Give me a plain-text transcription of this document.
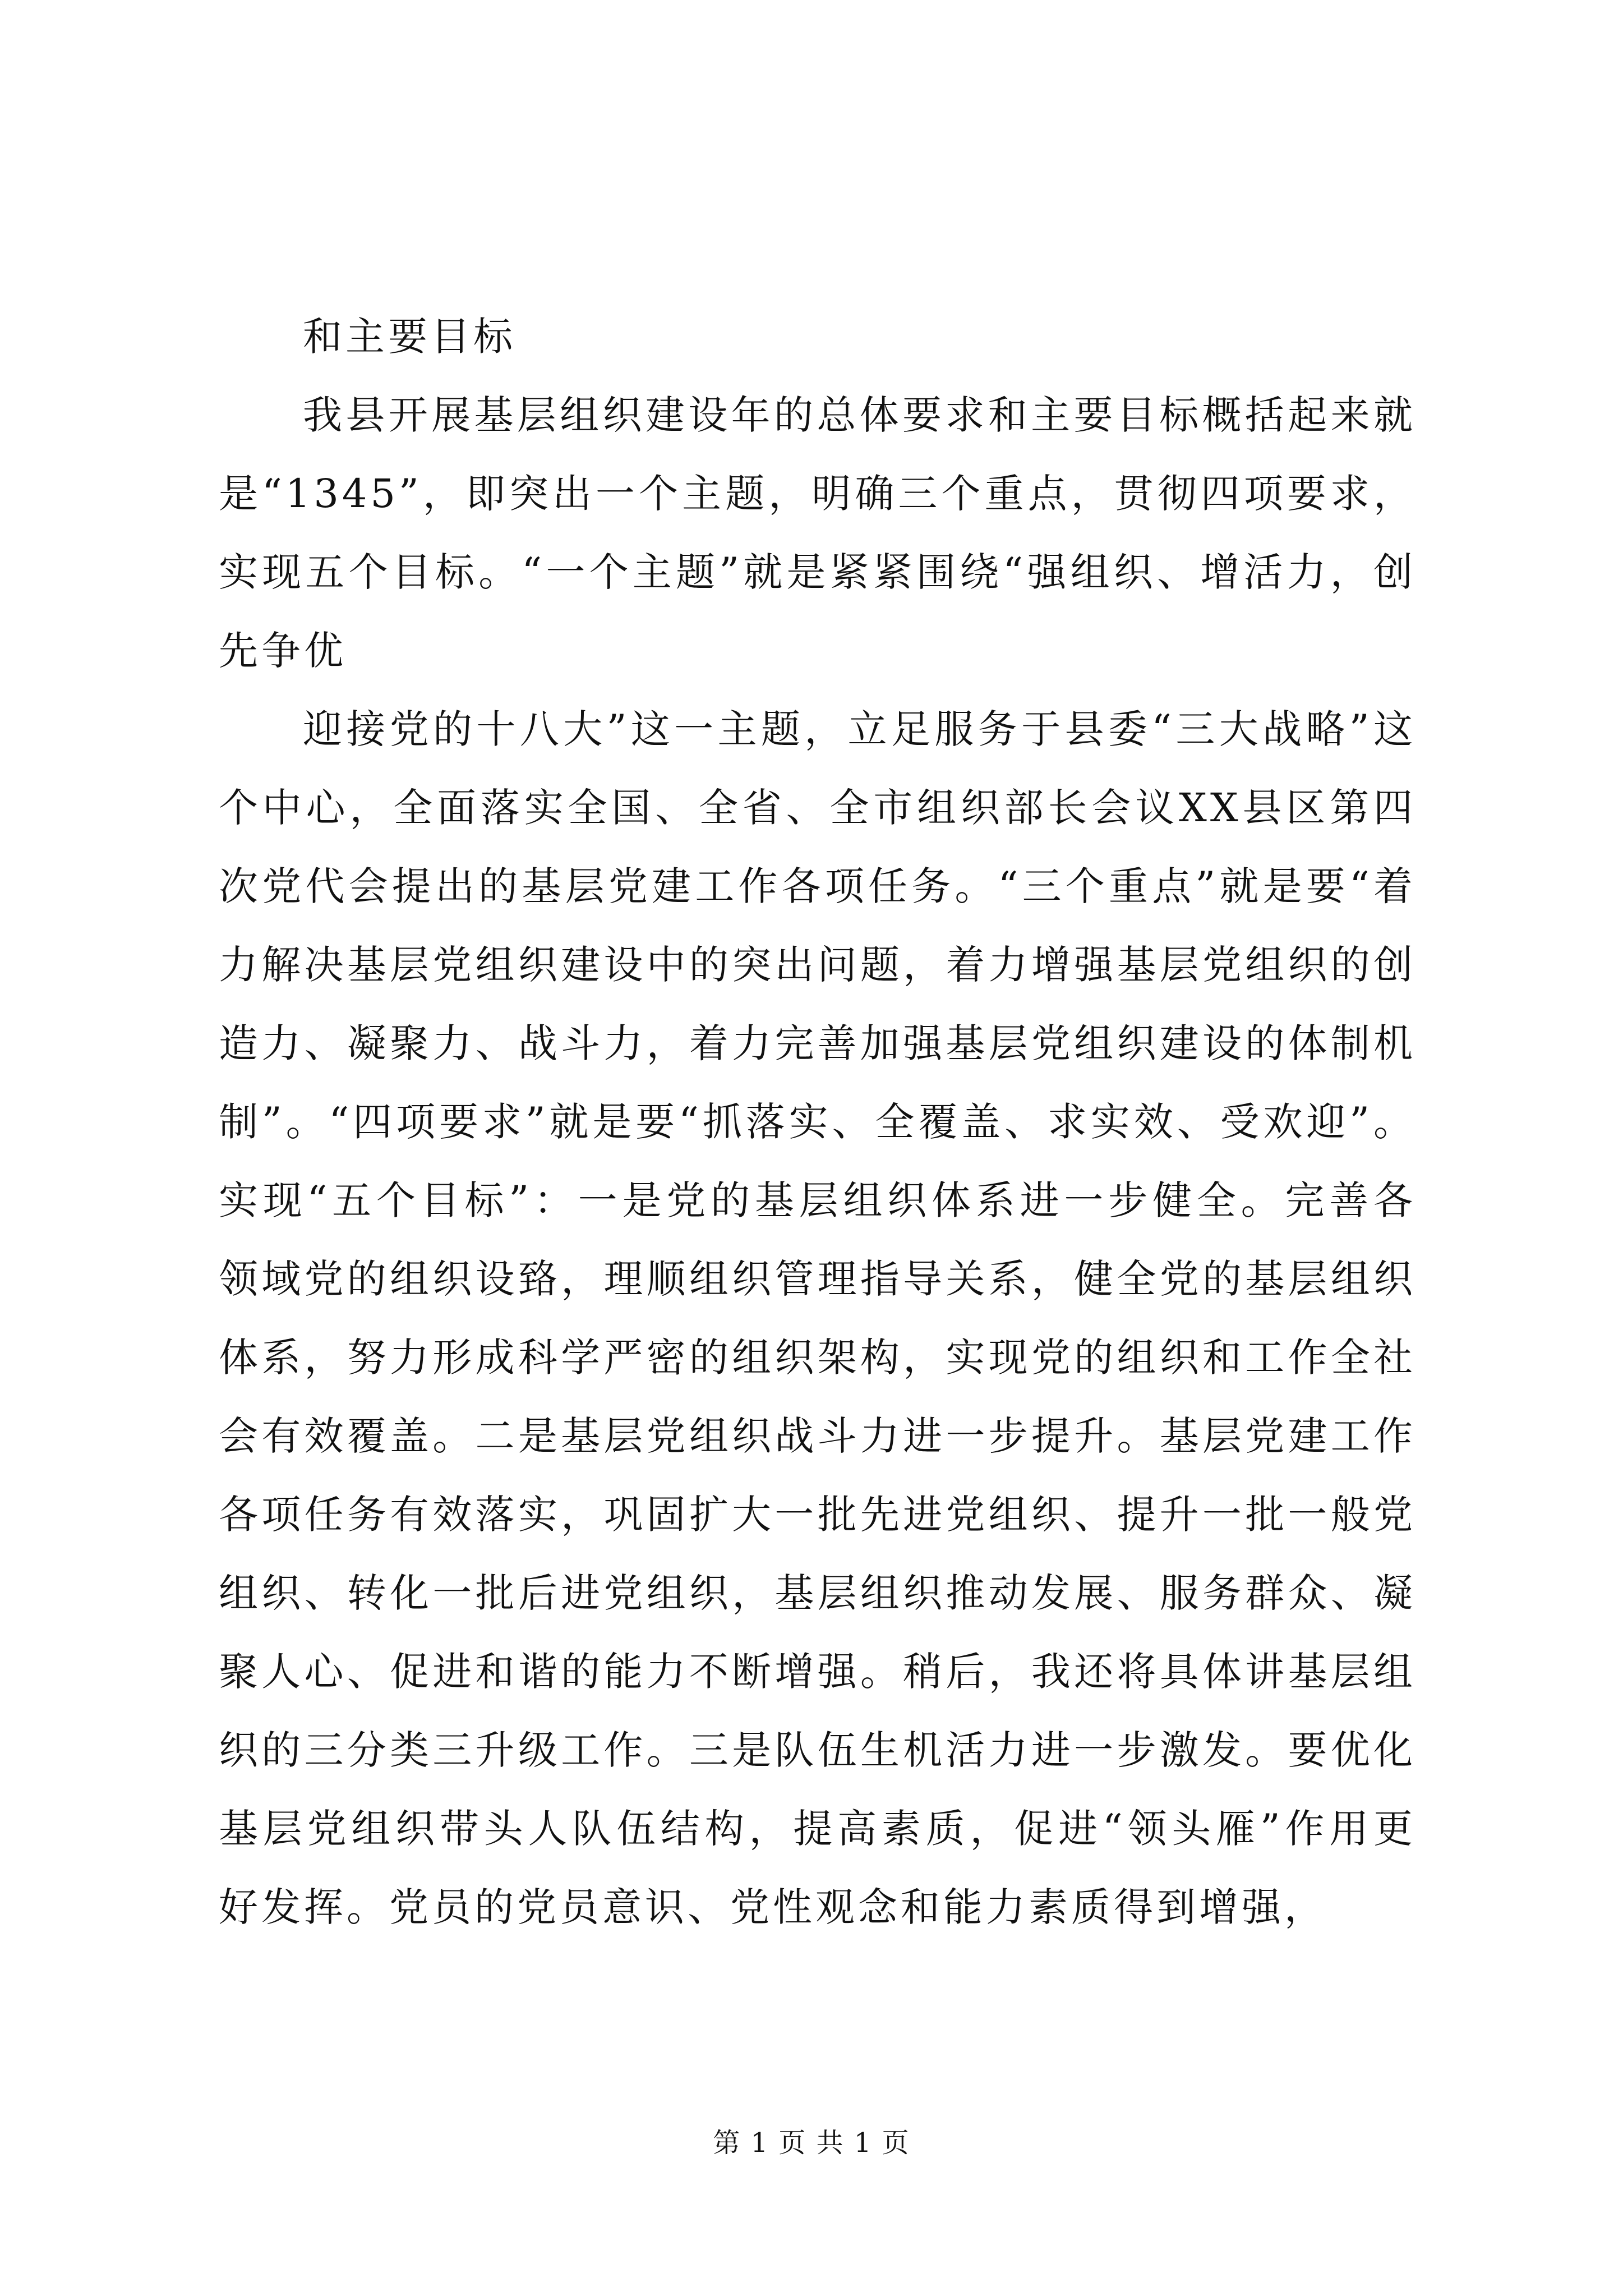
和主要目标

我县开展基层组织建设年的总体要求和主要目标概括起来就是“1345”，即突出一个主题，明确三个重点，贯彻四项要求，实现五个目标。“一个主题”就是紧紧围绕“强组织、增活力，创先争优

迎接党的十八大”这一主题，立足服务于县委“三大战略”这个中心，全面落实全国、全省、全市组织部长会议XX县区第四次党代会提出的基层党建工作各项任务。“三个重点”就是要“着力解决基层党组织建设中的突出问题，着力增强基层党组织的创造力、凝聚力、战斗力，着力完善加强基层党组织建设的体制机制”。“四项要求”就是要“抓落实、全覆盖、求实效、受欢迎”。实现“五个目标”：一是党的基层组织体系进一步健全。完善各领域党的组织设臵，理顺组织管理指导关系，健全党的基层组织体系，努力形成科学严密的组织架构，实现党的组织和工作全社会有效覆盖。二是基层党组织战斗力进一步提升。基层党建工作各项任务有效落实，巩固扩大一批先进党组织、提升一批一般党组织、转化一批后进党组织，基层组织推动发展、服务群众、凝聚人心、促进和谐的能力不断增强。稍后，我还将具体讲基层组织的三分类三升级工作。三是队伍生机活力进一步激发。要优化基层党组织带头人队伍结构，提高素质，促进“领头雁”作用更好发挥。党员的党员意识、党性观念和能力素质得到增强，

第 1 页 共 1 页
